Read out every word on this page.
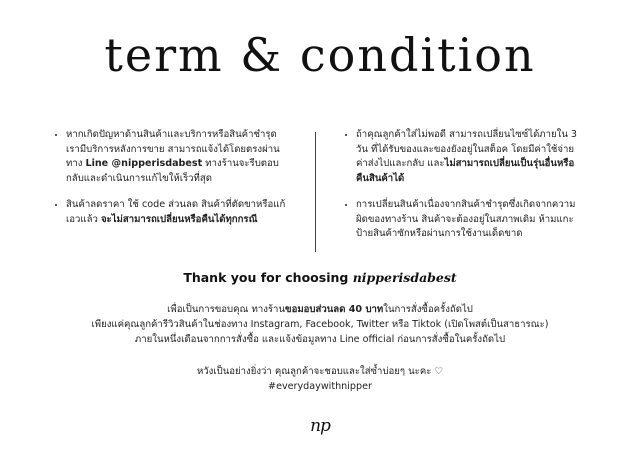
term & condition
• หากเกิดปัญหาด้านสินค้าและบริการหรือสินค้าชำรุด เรามีบริการหลังการขาย สามารถแจ้งได้โดยตรงผ่านทาง Line @nipperisdabest ทางร้านจะรีบตอบกลับและดำเนินการแก้ไขให้เร็วที่สุด
• สินค้าลดราคา ใช้ code ส่วนลด สินค้าที่ตัดขาหรือแก้เอวแล้ว จะไม่สามารถเปลี่ยนหรือคืนได้ทุกกรณี
• ถ้าคุณลูกค้าใส่ไม่พอดี สามารถเปลี่ยนไซซ์ได้ภายใน 3 วัน ที่ได้รับของและของยังอยู่ในสต็อค โดยมีค่าใช้จ่ายค่าส่งไปและกลับ และไม่สามารถเปลี่ยนเป็นรุ่นอื่นหรือคืนสินค้าได้
• การเปลี่ยนสินค้าเนื่องจากสินค้าชำรุดซึ่งเกิดจากความผิดของทางร้าน สินค้าจะต้องอยู่ในสภาพเดิม ห้ามแกะป้ายสินค้าซักหรือผ่านการใช้งานเด็ดขาด
Thank you for choosing nipperisdabest
เพื่อเป็นการขอบคุณ ทางร้านขอมอบส่วนลด 40 บาทในการสั่งซื้อครั้งถัดไป
เพียงแค่คุณลูกค้ารีวิวสินค้าในช่องทาง Instagram, Facebook, Twitter หรือ Tiktok (เปิดโพสต์เป็นสาธารณะ)
ภายในหนึ่งเดือนจากการสั่งซื้อ และแจ้งข้อมูลทาง Line official ก่อนการสั่งซื้อในครั้งถัดไป
หวังเป็นอย่างยิ่งว่า คุณลูกค้าจะชอบและใส่ซ้ำบ่อยๆ นะคะ ♡
#everydaywithnipper
np
